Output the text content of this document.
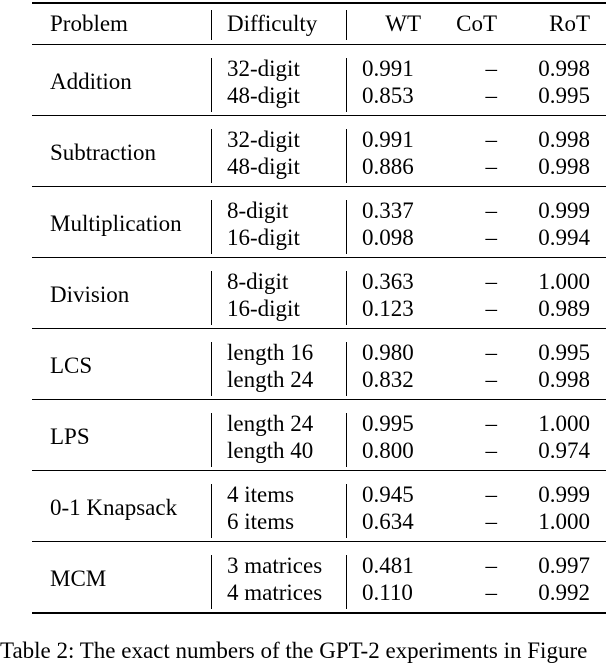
Problem	Difficulty	WT CoT RoT
Addition
32-digit	0.991	– 0.998
48-digit	0.853	– 0.995
Subtraction
32-digit	0.991	– 0.998
48-digit	0.886	– 0.998
Multiplication
8-digit	0.337	– 0.999
16-digit	0.098	– 0.994
Division
8-digit	0.363	– 1.000
16-digit	0.123	– 0.989
LCS
length 16 0.980	– 0.995
length 24 0.832	– 0.998
LPS
length 24 0.995	– 1.000
length 40 0.800	– 0.974
0-1 Knapsack
4 items	0.945	– 0.999
6 items	0.634	– 1.000
MCM
3 matrices 0.481	– 0.997
4 matrices 0.110	– 0.992
Table 2: The exact numbers of the GPT-2 experiments in Figure
